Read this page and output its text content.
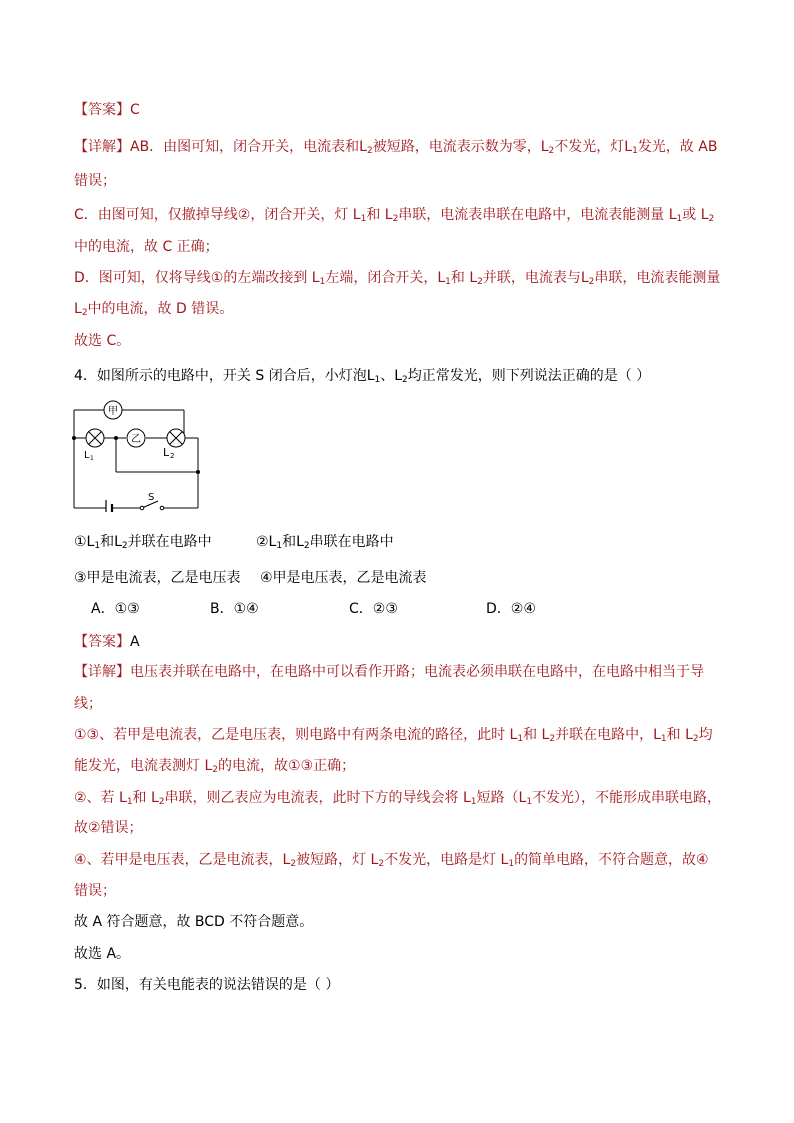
【答案】C
【详解】AB．由图可知，闭合开关，电流表和$L_2$被短路，电流表示数为零，$L_2$不发光，灯$L_1$发光，故 AB
错误；
C．由图可知，仅撤掉导线②，闭合开关，灯 $L_1$和 $L_2$串联，电流表串联在电路中，电流表能测量 $L_1$或 $L_2$
中的电流，故 C 正确；
D．图可知，仅将导线①的左端改接到 $L_1$左端，闭合开关，$L_1$和 $L_2$并联，电流表与$L_2$串联，电流表能测量
$L_2$中的电流，故 D 错误。
故选 C。
4．如图所示的电路中，开关 S 闭合后，小灯泡$L_1$、$L_2$均正常发光，则下列说法正确的是（ ）
S
甲
L 1
乙
L 2
$①L_1$和$L_2$并联在电路中	$②L_1$和$L_2$串联在电路中
③甲是电流表，乙是电压表 ④甲是电压表，乙是电流表
A．①③	B．①④	C．②③	D．②④
【答案】A
【详解】电压表并联在电路中，在电路中可以看作开路；电流表必须串联在电路中，在电路中相当于导
线；
①③、若甲是电流表，乙是电压表，则电路中有两条电流的路径，此时 $L_1$和 $L_2$并联在电路中，$L_1$和 $L_2$均
能发光，电流表测灯 $L_2$的电流，故①③正确；
②、若 $L_1$和 $L_2$串联，则乙表应为电流表，此时下方的导线会将 $L_1$短路（$L_1$不发光），不能形成串联电路，
故②错误；
④、若甲是电压表，乙是电流表，$L_2$被短路，灯 $L_2$不发光，电路是灯 $L_1$的简单电路，不符合题意，故④
错误；
故 A 符合题意，故 BCD 不符合题意。
故选 A。
5．如图，有关电能表的说法错误的是（ ）
